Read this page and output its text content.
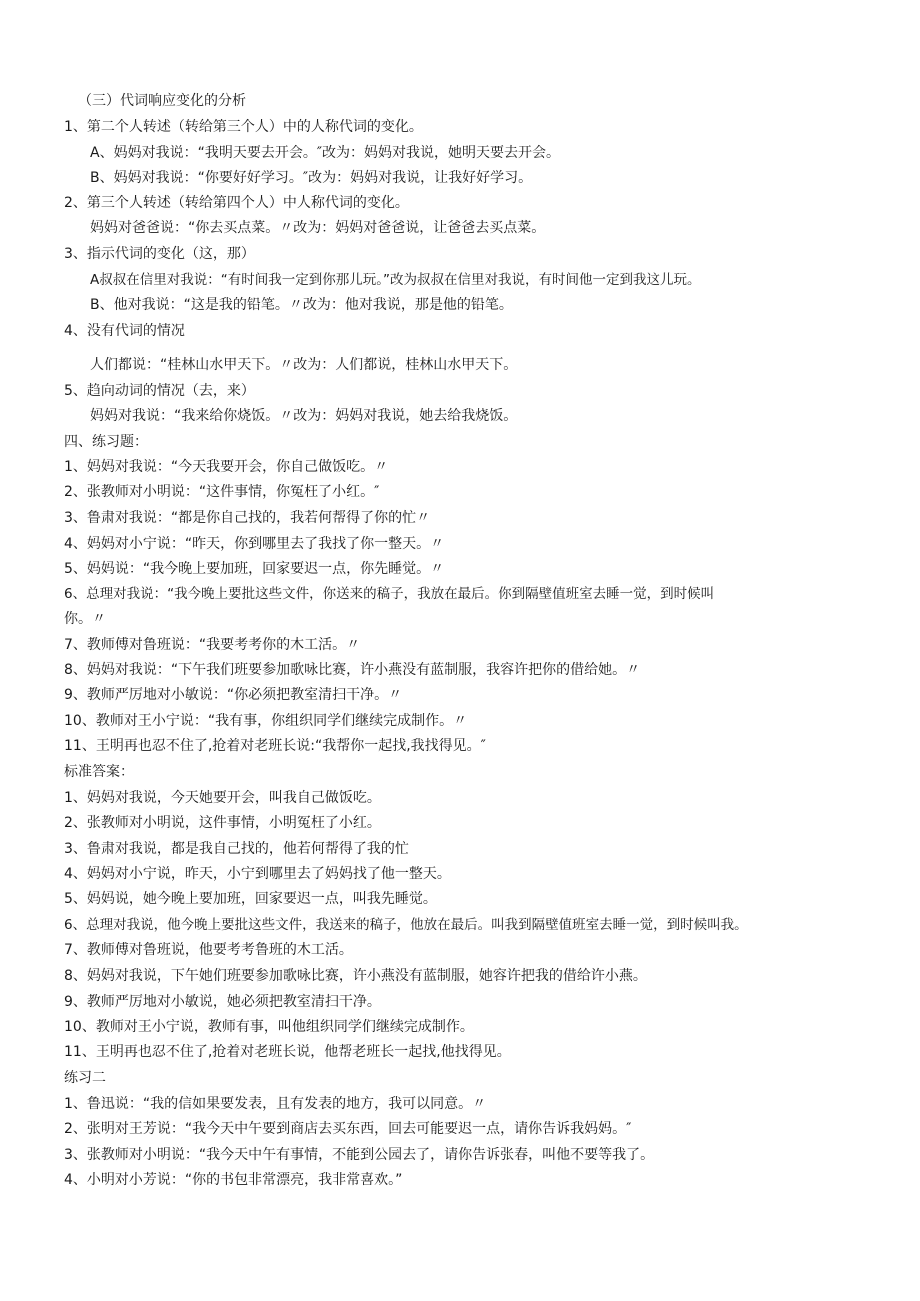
（三）代词响应变化的分析
1、第二个人转述（转给第三个人）中的人称代词的变化。
A、妈妈对我说：“我明天要去开会。″改为：妈妈对我说，她明天要去开会。
B、妈妈对我说：“你要好好学习。″改为：妈妈对我说，让我好好学习。
2、第三个人转述（转给第四个人）中人称代词的变化。
妈妈对爸爸说：“你去买点菜。〃改为：妈妈对爸爸说，让爸爸去买点菜。
3、指示代词的变化（这，那）
A叔叔在信里对我说：“有时间我一定到你那儿玩。”改为叔叔在信里对我说，有时间他一定到我这儿玩。
B、他对我说：“这是我的铅笔。〃改为：他对我说，那是他的铅笔。
4、没有代词的情况
人们都说：“桂林山水甲天下。〃改为：人们都说，桂林山水甲天下。
5、趋向动词的情况（去，来）
妈妈对我说：“我来给你烧饭。〃改为：妈妈对我说，她去给我烧饭。
四、练习题：
1、妈妈对我说：“今天我要开会，你自己做饭吃。〃
2、张教师对小明说：“这件事情，你冤枉了小红。″
3、鲁肃对我说：“都是你自己找的，我若何帮得了你的忙〃
4、妈妈对小宁说：“昨天，你到哪里去了我找了你一整天。〃
5、妈妈说：“我今晚上要加班，回家要迟一点，你先睡觉。〃
6、总理对我说：“我今晚上要批这些文件，你送来的稿子，我放在最后。你到隔壁值班室去睡一觉，到时候叫
你。〃
7、教师傅对鲁班说：“我要考考你的木工活。〃
8、妈妈对我说：“下午我们班要参加歌咏比赛，许小燕没有蓝制服，我容许把你的借给她。〃
9、教师严厉地对小敏说：“你必须把教室清扫干净。〃
10、教师对王小宁说：“我有事，你组织同学们继续完成制作。〃
11、王明再也忍不住了,抢着对老班长说:“我帮你一起找,我找得见。″
标准答案：
1、妈妈对我说，今天她要开会，叫我自己做饭吃。
2、张教师对小明说，这件事情，小明冤枉了小红。
3、鲁肃对我说，都是我自己找的，他若何帮得了我的忙
4、妈妈对小宁说，昨天，小宁到哪里去了妈妈找了他一整天。
5、妈妈说，她今晚上要加班，回家要迟一点，叫我先睡觉。
6、总理对我说，他今晚上要批这些文件，我送来的稿子，他放在最后。叫我到隔壁值班室去睡一觉，到时候叫我。
7、教师傅对鲁班说，他要考考鲁班的木工活。
8、妈妈对我说，下午她们班要参加歌咏比赛，许小燕没有蓝制服，她容许把我的借给许小燕。
9、教师严厉地对小敏说，她必须把教室清扫干净。
10、教师对王小宁说，教师有事，叫他组织同学们继续完成制作。
11、王明再也忍不住了,抢着对老班长说，他帮老班长一起找,他找得见。
练习二
1、鲁迅说：“我的信如果要发表，且有发表的地方，我可以同意。〃
2、张明对王芳说：“我今天中午要到商店去买东西，回去可能要迟一点，请你告诉我妈妈。″
3、张教师对小明说：“我今天中午有事情，不能到公园去了，请你告诉张春，叫他不要等我了。
4、小明对小芳说：“你的书包非常漂亮，我非常喜欢。”
